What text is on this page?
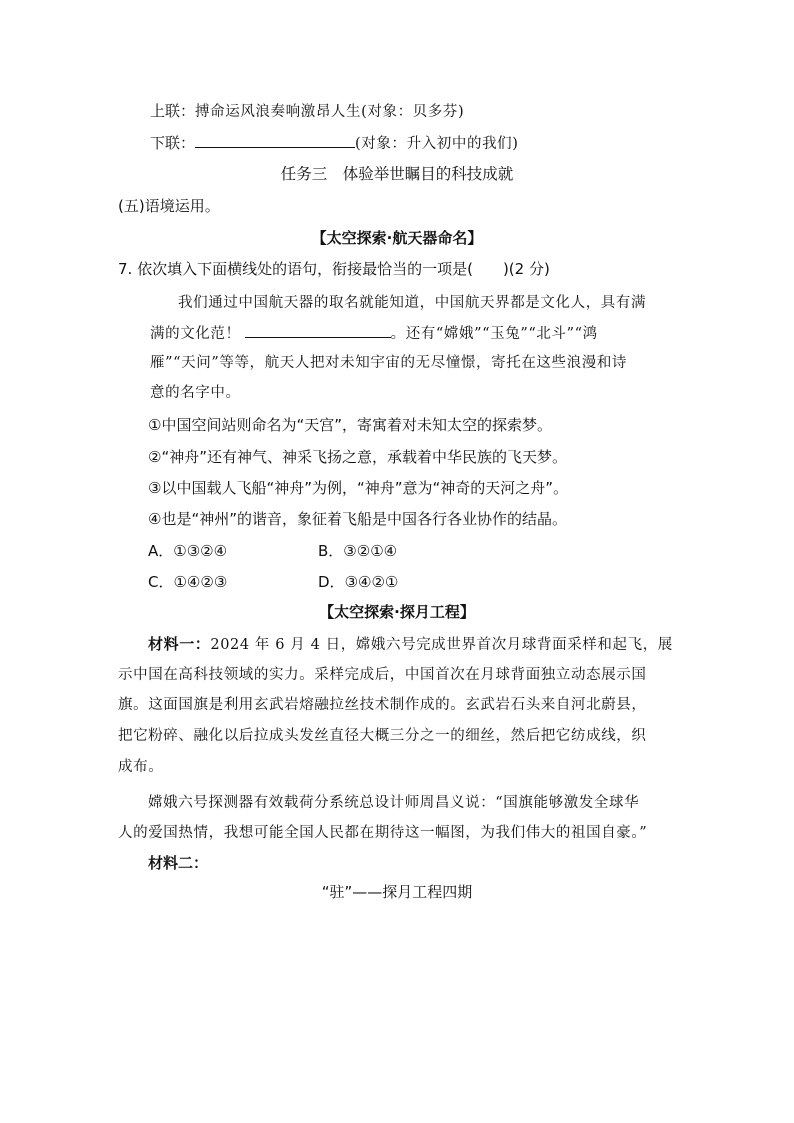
上联：搏命运风浪奏响激昂人生(对象：贝多芬)
下联：	(对象：升入初中的我们)
任务三　体验举世瞩目的科技成就
(五)语境运用。
【太空探索·航天器命名】
7. 依次填入下面横线处的语句，衔接最恰当的一项是(　　)(2 分)
我们通过中国航天器的取名就能知道，中国航天界都是文化人，具有满
满的文化范！	。还有“嫦娥”“玉兔”“北斗”“鸿
雁”“天问”等等，航天人把对未知宇宙的无尽憧憬，寄托在这些浪漫和诗
意的名字中。
①中国空间站则命名为“天宫”，寄寓着对未知太空的探索梦。
②“神舟”还有神气、神采飞扬之意，承载着中华民族的飞天梦。
③以中国载人飞船“神舟”为例，“神舟”意为“神奇的天河之舟”。
④也是“神州”的谐音，象征着飞船是中国各行各业协作的结晶。
A．①③②④	B．③②①④
C．①④②③	D．③④②①
【太空探索·探月工程】
材料一：2024 年 6 月 4 日，嫦娥六号完成世界首次月球背面采样和起飞，展
示中国在高科技领域的实力。采样完成后，中国首次在月球背面独立动态展示国
旗。这面国旗是利用玄武岩熔融拉丝技术制作成的。玄武岩石头来自河北蔚县，
把它粉碎、融化以后拉成头发丝直径大概三分之一的细丝，然后把它纺成线，织
成布。
嫦娥六号探测器有效载荷分系统总设计师周昌义说：“国旗能够激发全球华
人的爱国热情，我想可能全国人民都在期待这一幅图，为我们伟大的祖国自豪。”
材料二：
“驻”——探月工程四期
